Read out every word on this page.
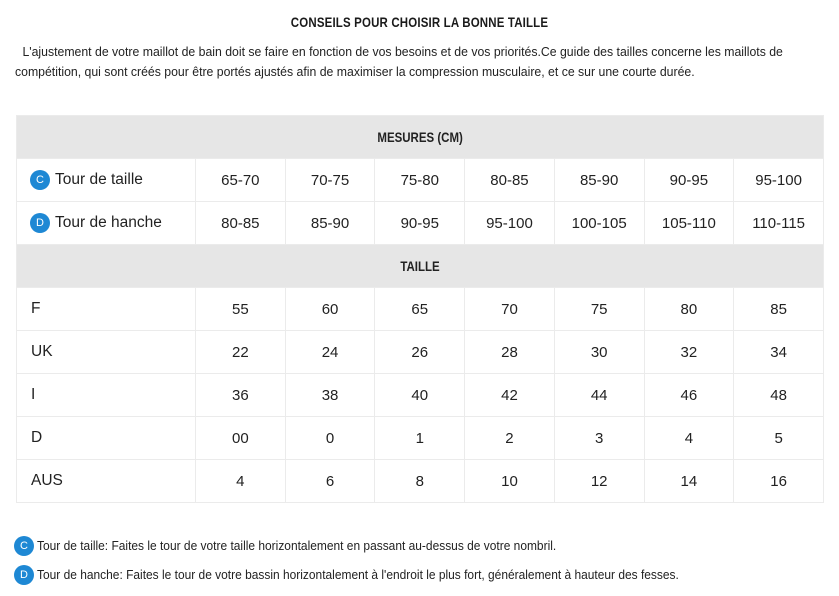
CONSEILS POUR CHOISIR LA BONNE TAILLE
L'ajustement de votre maillot de bain doit se faire en fonction de vos besoins et de vos priorités.Ce guide des tailles concerne les maillots de compétition, qui sont créés pour être portés ajustés afin de maximiser la compression musculaire, et ce sur une courte durée.
MESURES (CM)							
C Tour de taille	65-70	70-75	75-80	80-85	85-90	90-95	95-100
D Tour de hanche	80-85	85-90	90-95	95-100	100-105	105-110	110-115
TAILLE							
F	55	60	65	70	75	80	85
UK	22	24	26	28	30	32	34
I	36	38	40	42	44	46	48
D	00	0	1	2	3	4	5
AUS	4	6	8	10	12	14	16
C Tour de taille: Faites le tour de votre taille horizontalement en passant au-dessus de votre nombril.
D Tour de hanche: Faites le tour de votre bassin horizontalement à l'endroit le plus fort, généralement à hauteur des fesses.
